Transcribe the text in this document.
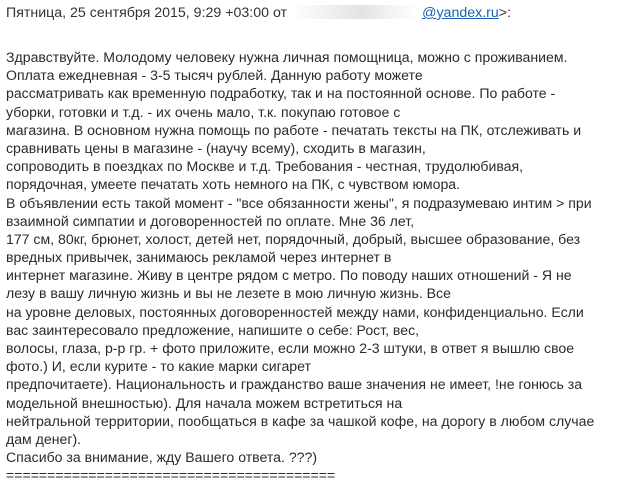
Пятница, 25 сентября 2015, 9:29 +03:00 от	@yandex.ru>:
Здравствуйте. Молодому человеку нужна личная помощница, можно с проживанием.
Оплата ежедневная - 3-5 тысяч рублей. Данную работу можете
рассматривать как временную подработку, так и на постоянной основе. По работе -
уборки, готовки и т.д. - их очень мало, т.к. покупаю готовое с
магазина. В основном нужна помощь по работе - печатать тексты на ПК, отслеживать и
сравнивать цены в магазине - (научу всему), сходить в магазин,
сопроводить в поездках по Москве и т.д. Требования - честная, трудолюбивая,
порядочная, умеете печатать хоть немного на ПК, с чувством юмора.
В объявлении есть такой момент - "все обязанности жены", я подразумеваю интим > при
взаимной симпатии и договоренностей по оплате. Мне 36 лет,
177 см, 80кг, брюнет, холост, детей нет, порядочный, добрый, высшее образование, без
вредных привычек, занимаюсь рекламой через интернет в
интернет магазине. Живу в центре рядом с метро. По поводу наших отношений - Я не
лезу в вашу личную жизнь и вы не лезете в мою личную жизнь. Все
на уровне деловых, постоянных договоренностей между нами, конфиденциально. Если
вас заинтересовало предложение, напишите о себе: Рост, вес,
волосы, глаза, р-р гр. + фото приложите, если можно 2-3 штуки, в ответ я вышлю свое
фото.) И, если курите - то какие марки сигарет
предпочитаете). Национальность и гражданство ваше значения не имеет, !не гонюсь за
модельной внешностью). Для начала можем встретиться на
нейтральной территории, пообщаться в кафе за чашкой кофе, на дорогу в любом случае
дам денег).
Спасибо за внимание, жду Вашего ответа. ???)
========================================
